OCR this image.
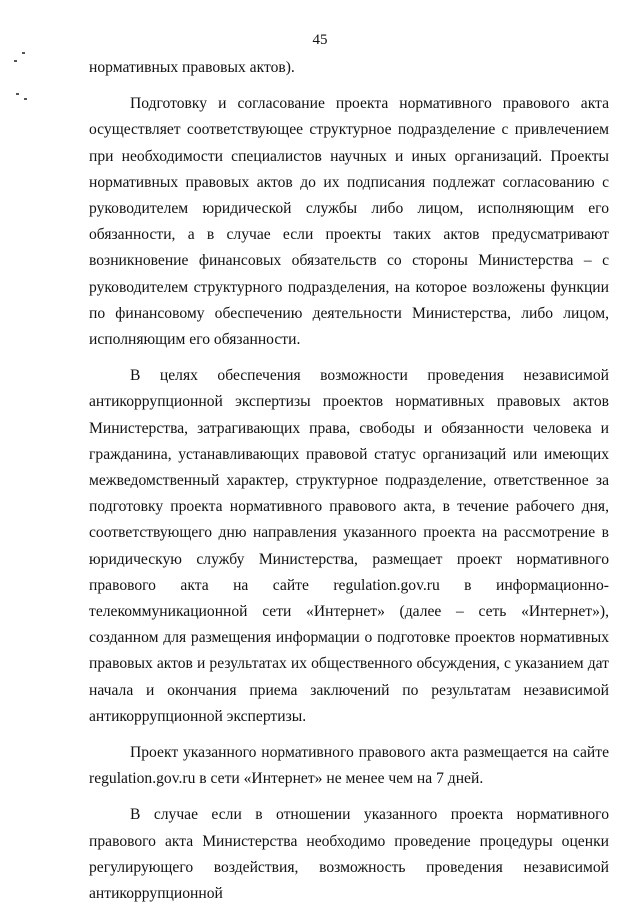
45

нормативных правовых актов).

Подготовку и согласование проекта нормативного правового акта осуществляет соответствующее структурное подразделение с привлечением при необходимости специалистов научных и иных организаций. Проекты нормативных правовых актов до их подписания подлежат согласованию с руководителем юридической службы либо лицом, исполняющим его обязанности, а в случае если проекты таких актов предусматривают возникновение финансовых обязательств со стороны Министерства – с руководителем структурного подразделения, на которое возложены функции по финансовому обеспечению деятельности Министерства, либо лицом, исполняющим его обязанности.

В целях обеспечения возможности проведения независимой антикоррупционной экспертизы проектов нормативных правовых актов Министерства, затрагивающих права, свободы и обязанности человека и гражданина, устанавливающих правовой статус организаций или имеющих межведомственный характер, структурное подразделение, ответственное за подготовку проекта нормативного правового акта, в течение рабочего дня, соответствующего дню направления указанного проекта на рассмотрение в юридическую службу Министерства, размещает проект нормативного правового акта на сайте regulation.gov.ru в информационно-телекоммуникационной сети «Интернет» (далее – сеть «Интернет»), созданном для размещения информации о подготовке проектов нормативных правовых актов и результатах их общественного обсуждения, с указанием дат начала и окончания приема заключений по результатам независимой антикоррупционной экспертизы.

Проект указанного нормативного правового акта размещается на сайте regulation.gov.ru в сети «Интернет» не менее чем на 7 дней.

В случае если в отношении указанного проекта нормативного правового акта Министерства необходимо проведение процедуры оценки регулирующего воздействия, возможность проведения независимой антикоррупционной
